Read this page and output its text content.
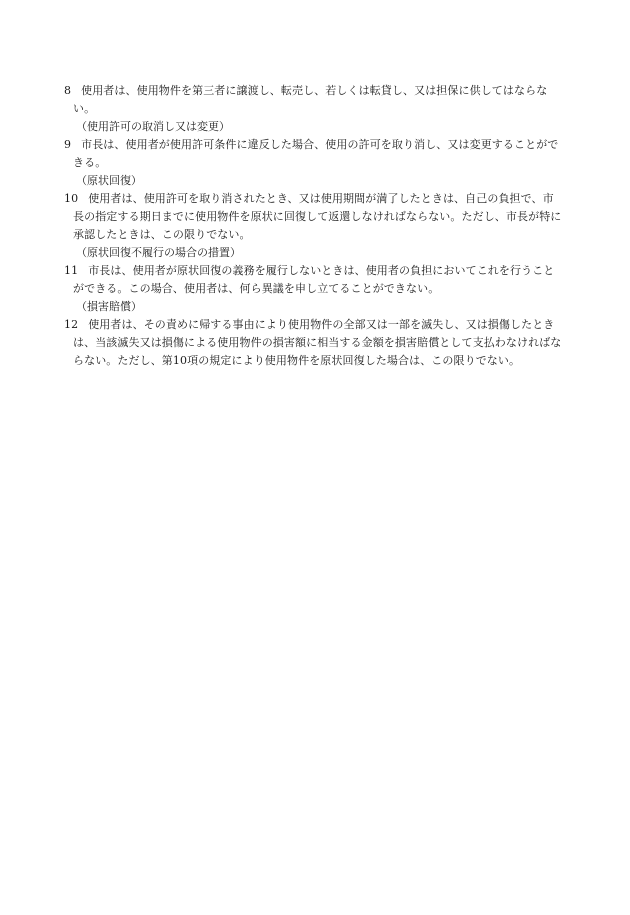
8 使用者は、使用物件を第三者に譲渡し、転売し、若しくは転貸し、又は担保に供してはならない。

（使用許可の取消し又は変更）

9 市長は、使用者が使用許可条件に違反した場合、使用の許可を取り消し、又は変更することができる。

（原状回復）

10 使用者は、使用許可を取り消されたとき、又は使用期間が満了したときは、自己の負担で、市長の指定する期日までに使用物件を原状に回復して返還しなければならない。ただし、市長が特に承認したときは、この限りでない。

（原状回復不履行の場合の措置）

11 市長は、使用者が原状回復の義務を履行しないときは、使用者の負担においてこれを行うことができる。この場合、使用者は、何ら異議を申し立てることができない。

（損害賠償）

12 使用者は、その責めに帰する事由により使用物件の全部又は一部を滅失し、又は損傷したときは、当該滅失又は損傷による使用物件の損害額に相当する金額を損害賠償として支払わなければならない。ただし、第10項の規定により使用物件を原状回復した場合は、この限りでない。
